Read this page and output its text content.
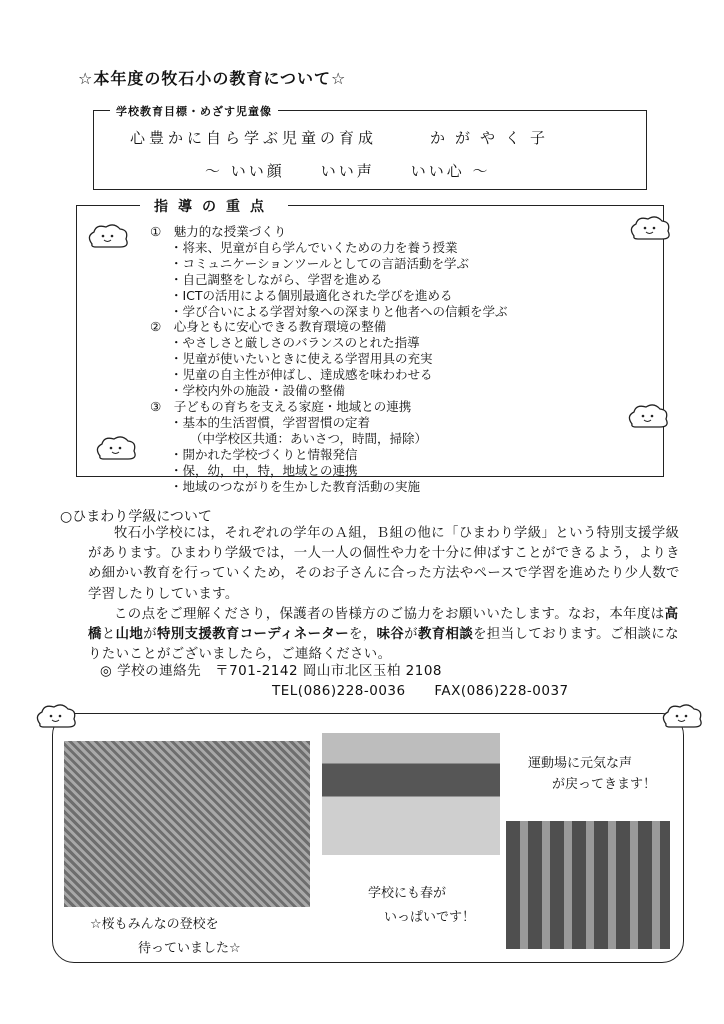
☆本年度の牧石小の教育について☆
学校教育目標・めざす児童像
心豊かに自ら学ぶ児童の育成	かがやく子
～ いい顔　　いい声　　いい心 ～
指導の重点
①　魅力的な授業づくり
・将来、児童が自ら学んでいくための力を養う授業
・コミュニケーションツールとしての言語活動を学ぶ
・自己調整をしながら、学習を進める
・ICTの活用による個別最適化された学びを進める
・学び合いによる学習対象への深まりと他者への信頼を学ぶ
②　心身ともに安心できる教育環境の整備
・やさしさと厳しさのバランスのとれた指導
・児童が使いたいときに使える学習用具の充実
・児童の自主性が伸ばし、達成感を味わわせる
・学校内外の施設・設備の整備
③　子どもの育ちを支える家庭・地域との連携
・基本的生活習慣，学習習慣の定着
（中学校区共通：あいさつ，時間，掃除）
・開かれた学校づくりと情報発信
・保，幼，中，特，地域との連携
・地域のつながりを生かした教育活動の実施
○ひまわり学級について

牧石小学校には，それぞれの学年のＡ組，Ｂ組の他に「ひまわり学級」という特別支援学級があります。ひまわり学級では，一人一人の個性や力を十分に伸ばすことができるよう，よりきめ細かい教育を行っていくため，そのお子さんに合った方法やペースで学習を進めたり少人数で学習したりしています。

この点をご理解くださり，保護者の皆様方のご協力をお願いいたします。なお，本年度は高橋と山地が特別支援教育コーディネーターを，味谷が教育相談を担当しております。ご相談になりたいことがございましたら，ご連絡ください。

◎ 学校の連絡先　〒701-2142 岡山市北区玉柏 2108
TEL(086)228-0036 FAX(086)228-0037
☆桜もみんなの登校を
待っていました☆
運動場に元気な声
が戻ってきます！
学校にも春が
いっぱいです！
